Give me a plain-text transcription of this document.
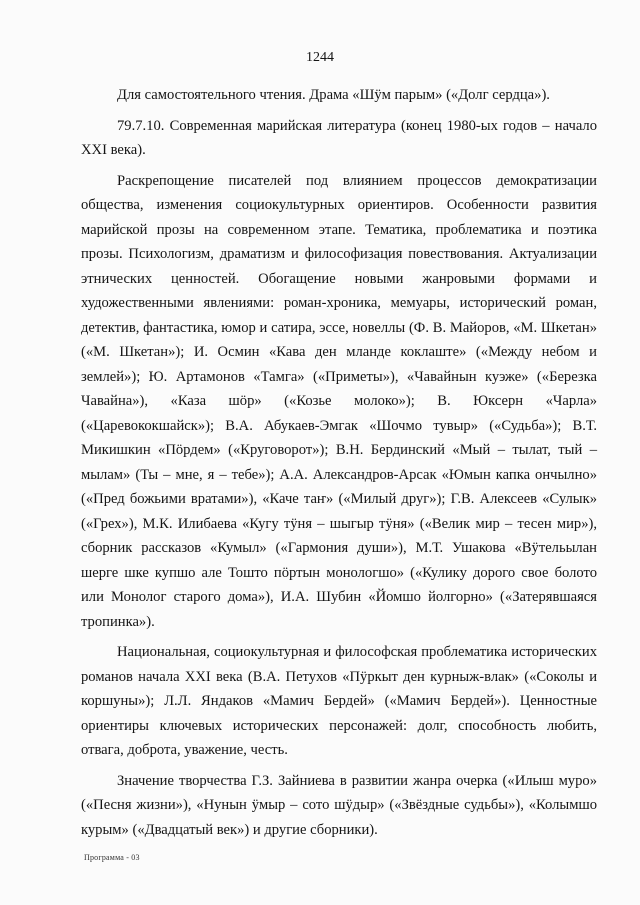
1244

Для самостоятельного чтения. Драма «Шӱм парым» («Долг сердца»).

79.7.10. Современная марийская литература (конец 1980-ых годов – начало XXI века).

Раскрепощение писателей под влиянием процессов демократизации общества, изменения социокультурных ориентиров. Особенности развития марийской прозы на современном этапе. Тематика, проблематика и поэтика прозы. Психологизм, драматизм и философизация повествования. Актуализации этнических ценностей. Обогащение новыми жанровыми формами и художественными явлениями: роман-хроника, мемуары, исторический роман, детектив, фантастика, юмор и сатира, эссе, новеллы (Ф. В. Майоров, «М. Шкетан» («М. Шкетан»); И. Осмин «Кава ден мланде коклаште» («Между небом и землей»); Ю. Артамонов «Тамга» («Приметы»), «Чавайнын куэже» («Березка Чавайна»), «Каза шöр» («Козье молоко»); В. Юксерн «Чарла» («Царевококшайск»); В.А. Абукаев-Эмгак «Шочмо тувыр» («Судьба»); В.Т. Микишкин «Пöрдем» («Круговорот»); В.Н. Бердинский «Мый – тылат, тый – мылам» (Ты – мне, я – тебе»); А.А. Александров-Арсак «Юмын капка ончылно» («Пред божьими вратами»), «Каче таҥ» («Милый друг»); Г.В. Алексеев «Сулык» («Грех»), М.К. Илибаева «Кугу тӱня – шыгыр тӱня» («Велик мир – тесен мир»), сборник рассказов «Кумыл» («Гармония души»), М.Т. Ушакова «Вӱтельылан шерге шке купшо але Тошто пöртын монологшо» («Кулику дорого свое болото или Монолог старого дома»), И.А. Шубин «Йомшо йолгорно» («Затерявшаяся тропинка»).

Национальная, социокультурная и философская проблематика исторических романов начала XXI века (В.А. Петухов «Пӱркыт ден курныж-влак» («Соколы и коршуны»); Л.Л. Яндаков «Мамич Бердей» («Мамич Бердей»). Ценностные ориентиры ключевых исторических персонажей: долг, способность любить, отвага, доброта, уважение, честь.

Значение творчества Г.З. Зайниева в развитии жанра очерка («Илыш муро» («Песня жизни»), «Нунын ӱмыр – сото шӱдыр» («Звёздные судьбы»), «Колымшо курым» («Двадцатый век») и другие сборники).

Программа - 03
